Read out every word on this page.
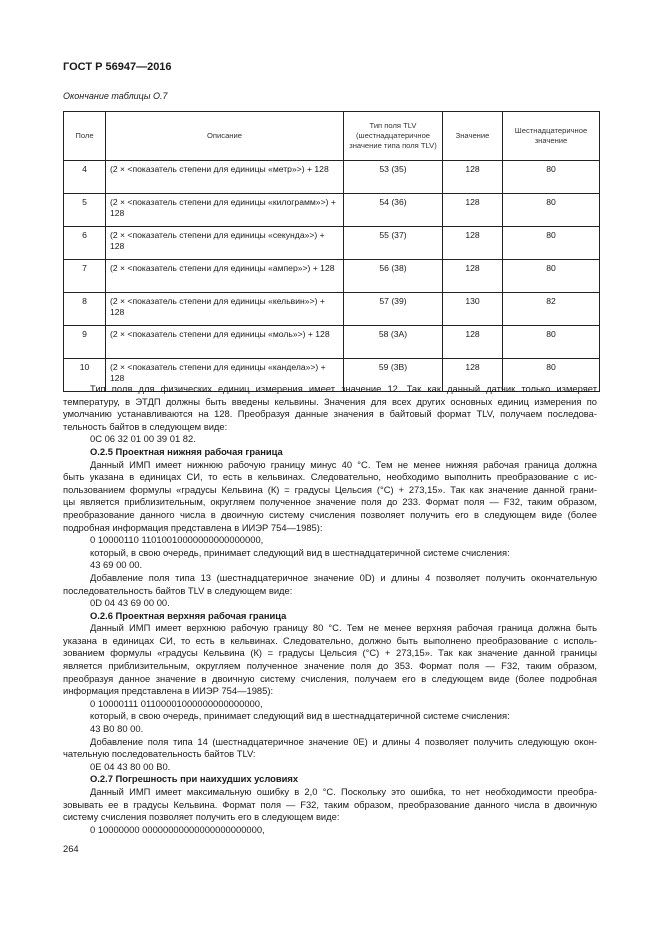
ГОСТ Р 56947—2016
Окончание таблицы О.7
Поле	Описание	Тип поля TLV (шестнадцатеричное значение типа поля TLV)	Значение	Шестнадцатеричное значение
4	(2 × <показатель степени для единицы «метр»>) + 128	53 (35)	128	80
5	(2 × <показатель степени для единицы «килограмм»>) + 128	54 (36)	128	80
6	(2 × <показатель степени для единицы «секунда»>) + 128	55 (37)	128	80
7	(2 × <показатель степени для единицы «ампер»>) + 128	56 (38)	128	80
8	(2 × <показатель степени для единицы «кельвин»>) + 128	57 (39)	130	82
9	(2 × <показатель степени для единицы «моль»>) + 128	58 (3A)	128	80
10	(2 × <показатель степени для единицы «кандела»>) + 128	59 (3B)	128	80
Тип поля для физических единиц измерения имеет значение 12. Так как данный датчик только измеряет
температуру, в ЭТДП должны быть введены кельвины. Значения для всех других основных единиц измерения по
умолчанию устанавливаются на 128. Преобразуя данные значения в байтовый формат TLV, получаем последова-
тельность байтов в следующем виде:
0C 06 32 01 00 39 01 82.
О.2.5 Проектная нижняя рабочая граница
Данный ИМП имеет нижнюю рабочую границу минус 40 °С. Тем не менее нижняя рабочая граница должна
быть указана в единицах СИ, то есть в кельвинах. Следовательно, необходимо выполнить преобразование с ис-
пользованием формулы «градусы Кельвина (К) = градусы Цельсия (°С) + 273,15». Так как значение данной грани-
цы является приблизительным, округляем полученное значение поля до 233. Формат поля — F32, таким образом,
преобразование данного числа в двоичную систему счисления позволяет получить его в следующем виде (более
подробная информация представлена в ИИЭР 754—1985):
0 10000110 11010010000000000000000,
который, в свою очередь, принимает следующий вид в шестнадцатеричной системе счисления:
43 69 00 00.
Добавление поля типа 13 (шестнадцатеричное значение 0D) и длины 4 позволяет получить окончательную
последовательность байтов TLV в следующем виде:
0D 04 43 69 00 00.
О.2.6 Проектная верхняя рабочая граница
Данный ИМП имеет верхнюю рабочую границу 80 °С. Тем не менее верхняя рабочая граница должна быть
указана в единицах СИ, то есть в кельвинах. Следовательно, должно быть выполнено преобразование с исполь-
зованием формулы «градусы Кельвина (К) = градусы Цельсия (°С) + 273,15». Так как значение данной границы
является приблизительным, округляем полученное значение поля до 353. Формат поля — F32, таким образом,
преобразуя данное значение в двоичную систему счисления, получаем его в следующем виде (более подробная
информация представлена в ИИЭР 754—1985):
0 10000111 01100001000000000000000,
который, в свою очередь, принимает следующий вид в шестнадцатеричной системе счисления:
43 B0 80 00.
Добавление поля типа 14 (шестнадцатеричное значение 0E) и длины 4 позволяет получить следующую окон-
чательную последовательность байтов TLV:
0E 04 43 80 00 B0.
О.2.7 Погрешность при наихудших условиях
Данный ИМП имеет максимальную ошибку в 2,0 °С. Поскольку это ошибка, то нет необходимости преобра-
зовывать ее в градусы Кельвина. Формат поля — F32, таким образом, преобразование данного числа в двоичную
систему счисления позволяет получить его в следующем виде:
0 10000000 00000000000000000000000,
264
